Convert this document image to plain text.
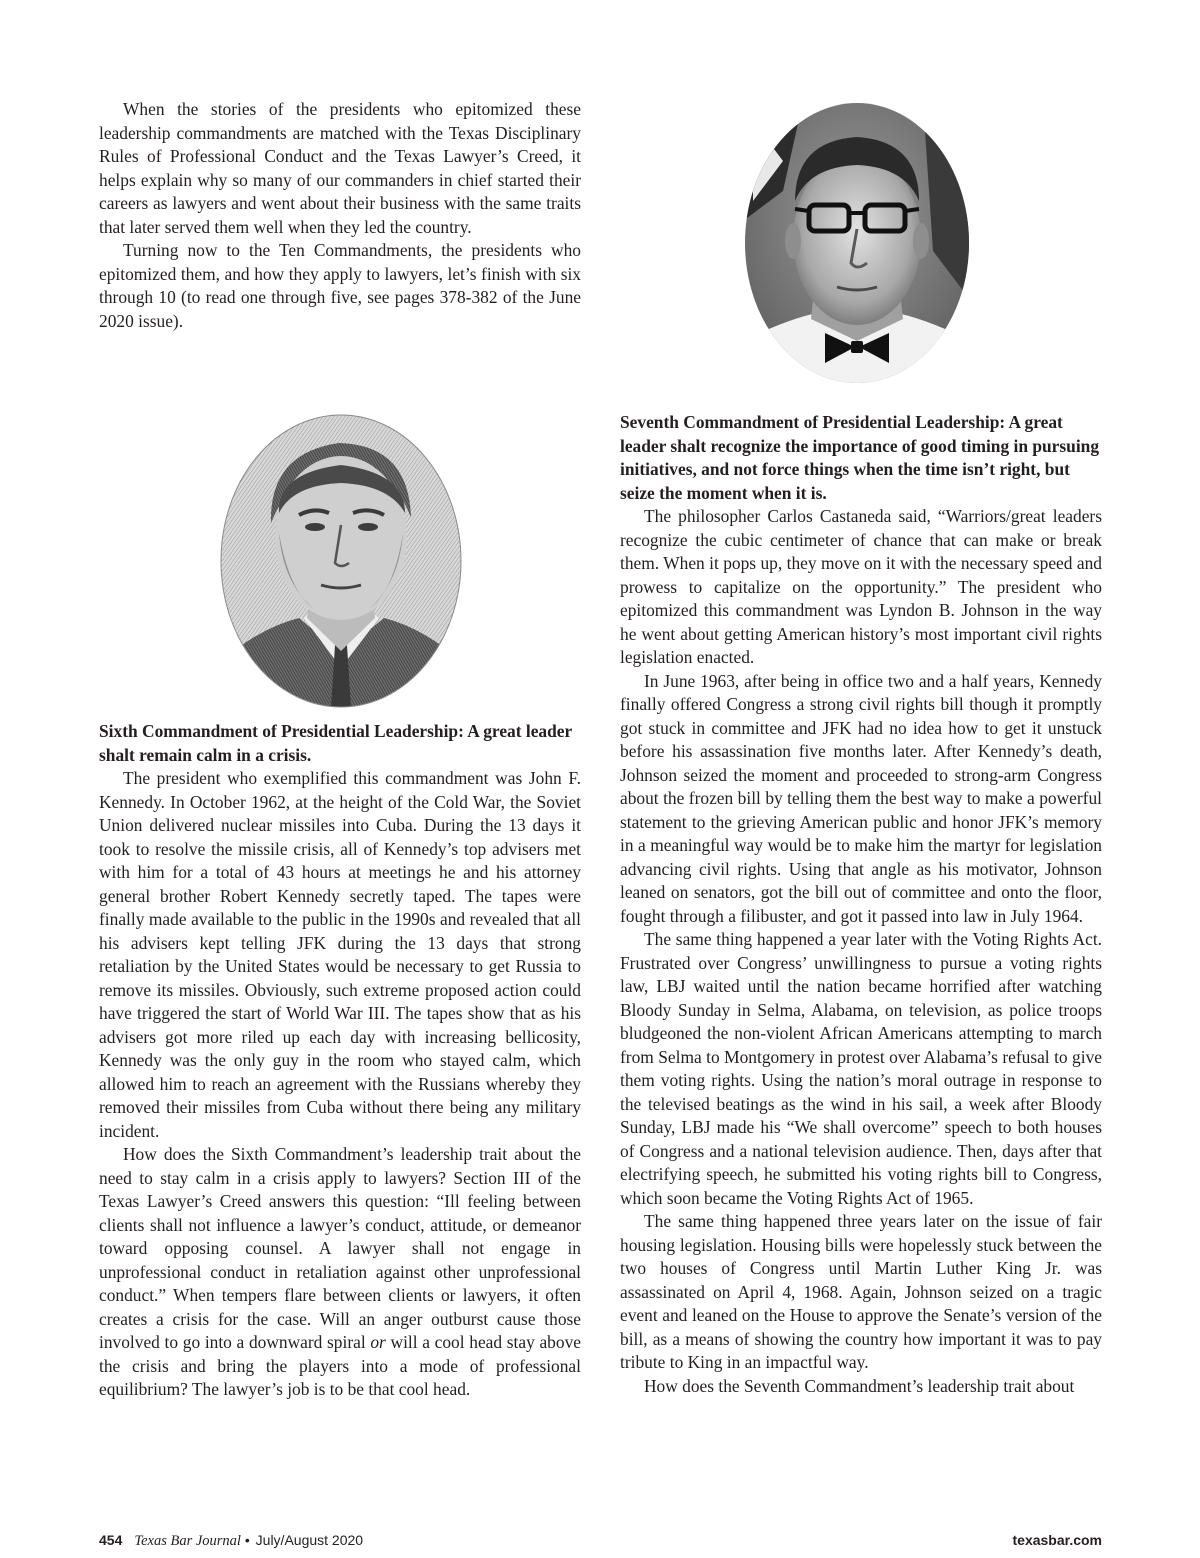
When the stories of the presidents who epitomized these leadership commandments are matched with the Texas Disciplinary Rules of Professional Conduct and the Texas Lawyer’s Creed, it helps explain why so many of our commanders in chief started their careers as lawyers and went about their business with the same traits that later served them well when they led the country.

Turning now to the Ten Commandments, the presidents who epitomized them, and how they apply to lawyers, let’s finish with six through 10 (to read one through five, see pages 378-382 of the June 2020 issue).

Sixth Commandment of Presidential Leadership: A great leader shalt remain calm in a crisis.

The president who exemplified this commandment was John F. Kennedy. In October 1962, at the height of the Cold War, the Soviet Union delivered nuclear missiles into Cuba. During the 13 days it took to resolve the missile crisis, all of Kennedy’s top advisers met with him for a total of 43 hours at meetings he and his attorney general brother Robert Kennedy secretly taped. The tapes were finally made available to the public in the 1990s and revealed that all his advisers kept telling JFK during the 13 days that strong retaliation by the United States would be necessary to get Russia to remove its missiles. Obviously, such extreme proposed action could have triggered the start of World War III. The tapes show that as his advisers got more riled up each day with increasing bellicosity, Kennedy was the only guy in the room who stayed calm, which allowed him to reach an agreement with the Russians whereby they removed their missiles from Cuba without there being any military incident.

How does the Sixth Commandment’s leadership trait about the need to stay calm in a crisis apply to lawyers? Section III of the Texas Lawyer’s Creed answers this question: “Ill feeling between clients shall not influence a lawyer’s conduct, attitude, or demeanor toward opposing counsel. A lawyer shall not engage in unprofessional conduct in retaliation against other unprofessional conduct.” When tempers flare between clients or lawyers, it often creates a crisis for the case. Will an anger outburst cause those involved to go into a downward spiral or will a cool head stay above the crisis and bring the players into a mode of professional equilibrium? The lawyer’s job is to be that cool head.

Seventh Commandment of Presidential Leadership: A great leader shalt recognize the importance of good timing in pursuing initiatives, and not force things when the time isn’t right, but seize the moment when it is.

The philosopher Carlos Castaneda said, “Warriors/great leaders recognize the cubic centimeter of chance that can make or break them. When it pops up, they move on it with the necessary speed and prowess to capitalize on the opportunity.” The president who epitomized this commandment was Lyndon B. Johnson in the way he went about getting American history’s most important civil rights legislation enacted.

In June 1963, after being in office two and a half years, Kennedy finally offered Congress a strong civil rights bill though it promptly got stuck in committee and JFK had no idea how to get it unstuck before his assassination five months later. After Kennedy’s death, Johnson seized the moment and proceeded to strong-arm Congress about the frozen bill by telling them the best way to make a powerful statement to the grieving American public and honor JFK’s memory in a meaningful way would be to make him the martyr for legislation advancing civil rights. Using that angle as his motivator, Johnson leaned on senators, got the bill out of committee and onto the floor, fought through a filibuster, and got it passed into law in July 1964.

The same thing happened a year later with the Voting Rights Act. Frustrated over Congress’ unwillingness to pursue a voting rights law, LBJ waited until the nation became horrified after watching Bloody Sunday in Selma, Alabama, on television, as police troops bludgeoned the non-violent African Americans attempting to march from Selma to Montgomery in protest over Alabama’s refusal to give them voting rights. Using the nation’s moral outrage in response to the televised beatings as the wind in his sail, a week after Bloody Sunday, LBJ made his “We shall overcome” speech to both houses of Congress and a national television audience. Then, days after that electrifying speech, he submitted his voting rights bill to Congress, which soon became the Voting Rights Act of 1965.

The same thing happened three years later on the issue of fair housing legislation. Housing bills were hopelessly stuck between the two houses of Congress until Martin Luther King Jr. was assassinated on April 4, 1968. Again, Johnson seized on a tragic event and leaned on the House to approve the Senate’s version of the bill, as a means of showing the country how important it was to pay tribute to King in an impactful way.

How does the Seventh Commandment’s leadership trait about

454 Texas Bar Journal • July/August 2020	texasbar.com
